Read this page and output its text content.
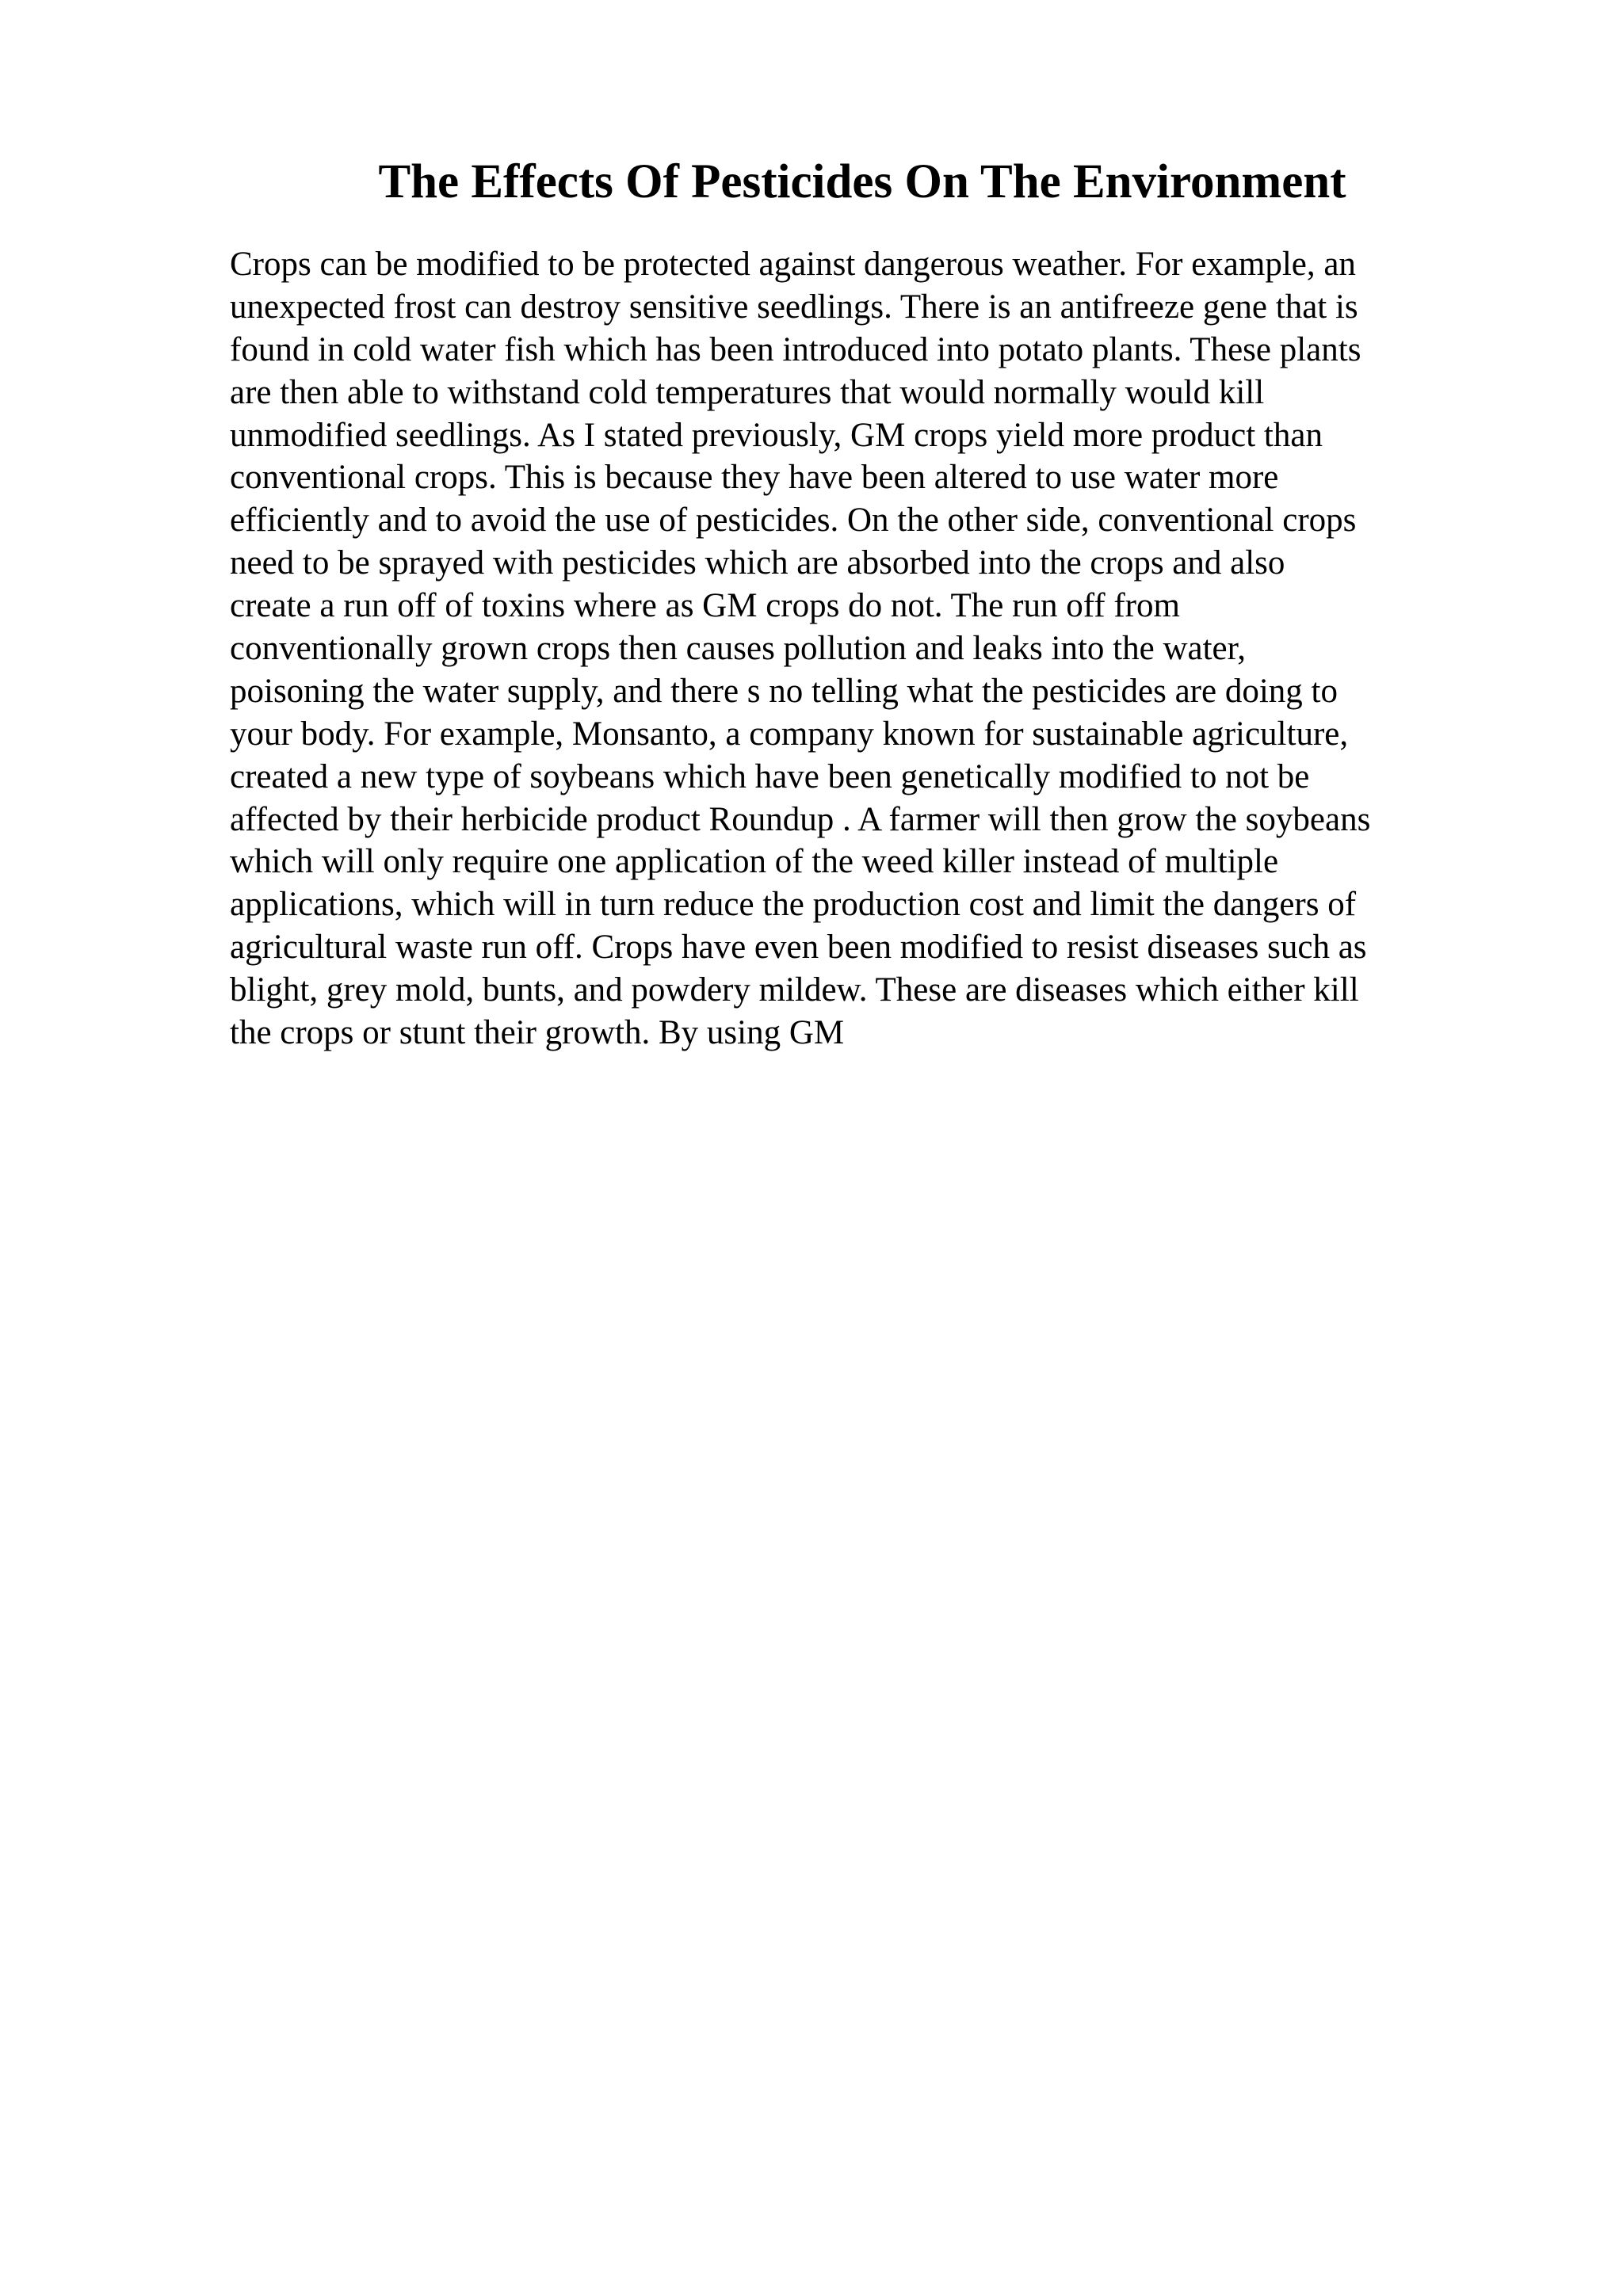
The Effects Of Pesticides On The Environment
Crops can be modified to be protected against dangerous weather. For example, an
unexpected frost can destroy sensitive seedlings. There is an antifreeze gene that is
found in cold water fish which has been introduced into potato plants. These plants
are then able to withstand cold temperatures that would normally would kill
unmodified seedlings. As I stated previously, GM crops yield more product than
conventional crops. This is because they have been altered to use water more
efficiently and to avoid the use of pesticides. On the other side, conventional crops
need to be sprayed with pesticides which are absorbed into the crops and also
create a run off of toxins where as GM crops do not. The run off from
conventionally grown crops then causes pollution and leaks into the water,
poisoning the water supply, and there s no telling what the pesticides are doing to
your body. For example, Monsanto, a company known for sustainable agriculture,
created a new type of soybeans which have been genetically modified to not be
affected by their herbicide product Roundup . A farmer will then grow the soybeans
which will only require one application of the weed killer instead of multiple
applications, which will in turn reduce the production cost and limit the dangers of
agricultural waste run off. Crops have even been modified to resist diseases such as
blight, grey mold, bunts, and powdery mildew. These are diseases which either kill
the crops or stunt their growth. By using GM
